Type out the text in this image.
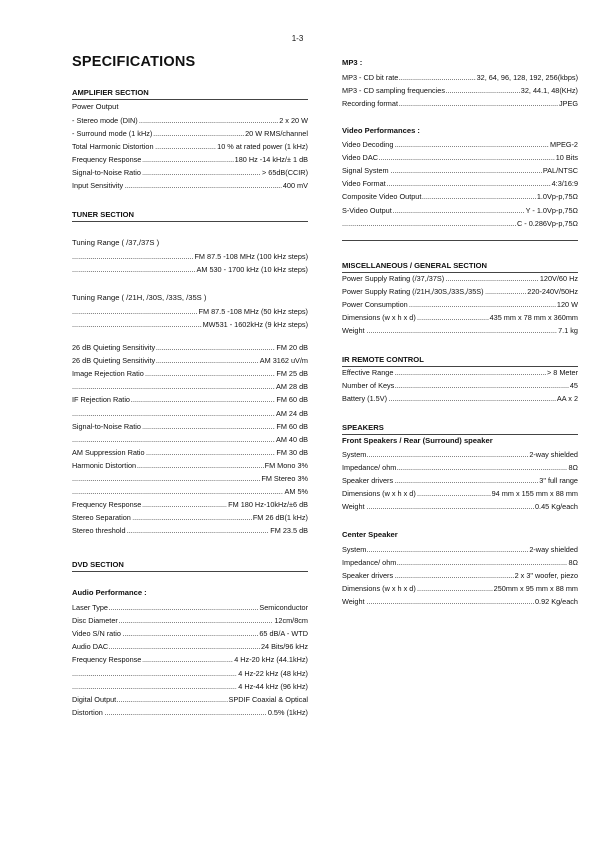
1-3
SPECIFICATIONS
AMPLIFIER SECTION
Power Output
- Stereo mode (DIN)	2 x 20 W
.....
- Surround mode (1 kHz)	20 W RMS/channel
.....
Total Harmonic Distortion	10 % at rated power (1 kHz)
.....
Frequency Response	180 Hz -14 kHz/± 1 dB
.....
Signal-to-Noise Ratio	> 65dB(CCIR)
.....
Input Sensitivity	400 mV
.....
TUNER SECTION
Tuning Range ( /37,/37S )
FM 87.5 -108 MHz (100 kHz steps)
.....
AM 530 - 1700 kHz (10 kHz steps)
.....
Tuning Range ( /21H, /30S, /33S, /35S )
FM 87.5 -108 MHz (50 kHz steps)
.....
MW531 - 1602kHz (9 kHz steps)
.....
26 dB Quieting Sensitivity	FM 20 dB
.....
26 dB Quieting Sensitivity	AM 3162 uV/m
.....
Image Rejection Ratio	FM 25 dB
.....
AM 28 dB
.....
IF Rejection Ratio	FM 60 dB
.....
AM 24 dB
.....
Signal-to-Noise Ratio	FM 60 dB
.....
AM 40 dB
.....
AM Suppression Ratio	FM 30 dB
.....
Harmonic Distortion	FM Mono 3%
.....
FM Stereo 3%
.....
AM 5%
.....
Frequency Response	FM 180 Hz-10kHz/±6 dB
.....
Stereo Separation	FM 26 dB(1 kHz)
.....
Stereo threshold	FM 23.5 dB
.....
DVD SECTION
Audio Performance :
Laser Type	Semiconductor
.....
Disc Diameter	12cm/8cm
.....
Video S/N ratio	65 dB/A - WTD
.....
Audio DAC	24 Bits/96 kHz
.....
Frequency Response	4 Hz-20 kHz (44.1kHz)
.....
4 Hz-22 kHz (48 kHz)
.....
4 Hz-44 kHz (96 kHz)
.....
Digital Output	SPDIF Coaxial & Optical
.....
Distortion	0.5% (1kHz)
.....
MP3 :
MP3 - CD bit rate	32, 64, 96, 128, 192, 256(kbps)
.....
MP3 - CD sampling frequencies	32, 44.1, 48(KHz)
.....
Recording format	JPEG
.....
Video Performances :
Video Decoding	MPEG-2
.....
Video DAC	10 Bits
.....
Signal System	PAL/NTSC
.....
Video Format	4:3/16:9
.....
Composite Video Output	1.0Vp-p,75Ω
.....
S-Video Output	Y - 1.0Vp-p,75Ω
.....
C - 0.286Vp-p,75Ω
.....
MISCELLANEOUS / GENERAL SECTION
Power Supply Rating (/37,/37S)	120V/60 Hz
.....
Power Supply Rating (/21H,/30S,/33S,/35S)	220-240V/50Hz
.....
Power Consumption	120 W
.....
Dimensions (w x h x d)	435 mm x 78 mm x 360mm
.....
Weight	7.1 kg
.....
IR REMOTE CONTROL
Effective Range	> 8 Meter
.....
Number of Keys	45
.....
Battery (1.5V)	AA x 2
.....
SPEAKERS
Front Speakers / Rear (Surround) speaker
System	2-way shielded
.....
Impedance/ ohm	8Ω
.....
Speaker drivers	3" full range
.....
Dimensions (w x h x d)	94 mm x 155 mm x 88 mm
.....
Weight	0.45 Kg/each
.....
Center Speaker
System	2-way shielded
.....
Impedance/ ohm	8Ω
.....
Speaker drivers	2 x 3" woofer, piezo
.....
Dimensions (w x h x d)	250mm x 95 mm x 88 mm
.....
Weight	0.92 Kg/each
.....
